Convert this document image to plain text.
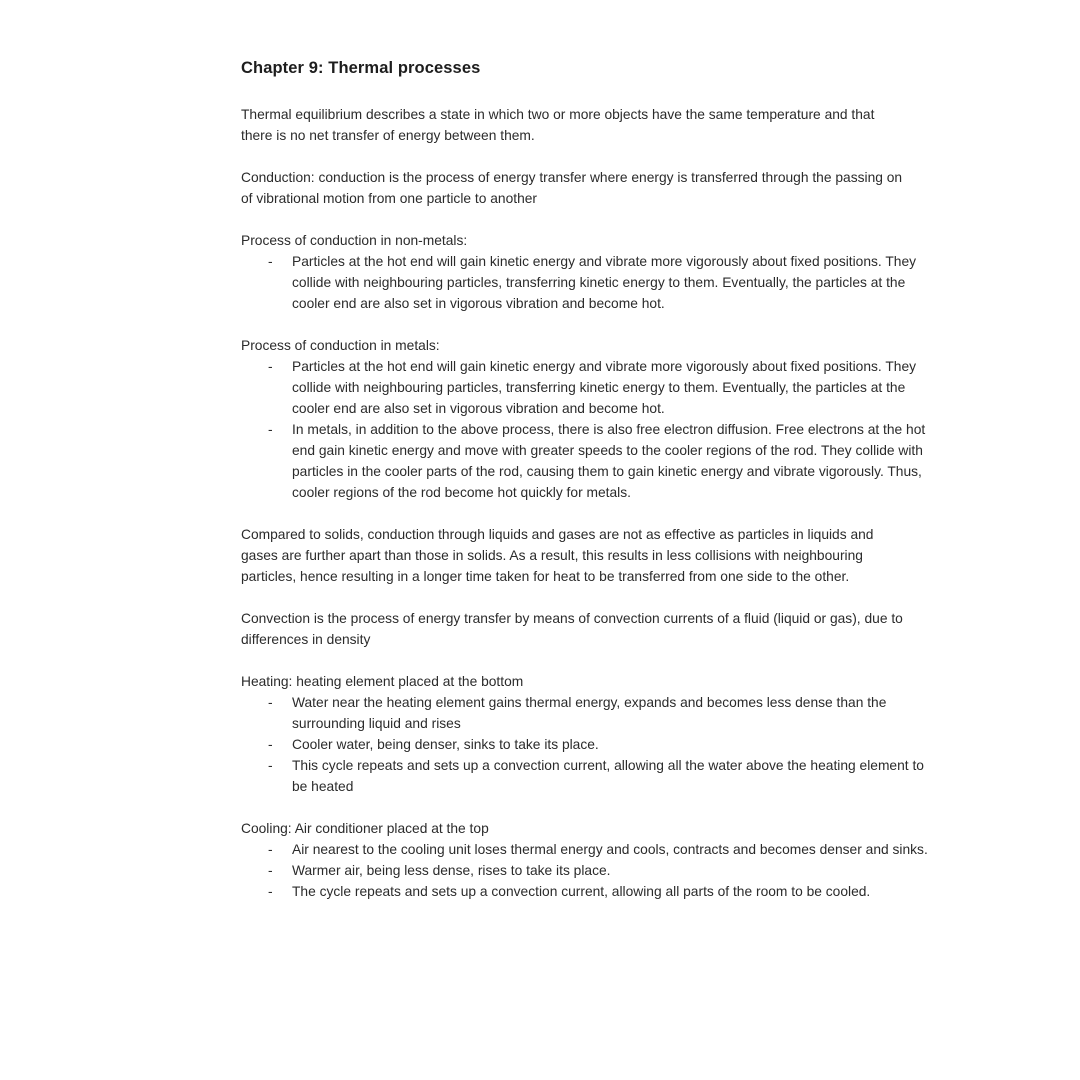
Chapter 9: Thermal processes

Thermal equilibrium describes a state in which two or more objects have the same temperature and that there is no net transfer of energy between them.

Conduction: conduction is the process of energy transfer where energy is transferred through the passing on of vibrational motion from one particle to another

Process of conduction in non-metals:

- Particles at the hot end will gain kinetic energy and vibrate more vigorously about fixed positions. They collide with neighbouring particles, transferring kinetic energy to them. Eventually, the particles at the cooler end are also set in vigorous vibration and become hot.

Process of conduction in metals:

- Particles at the hot end will gain kinetic energy and vibrate more vigorously about fixed positions. They collide with neighbouring particles, transferring kinetic energy to them. Eventually, the particles at the cooler end are also set in vigorous vibration and become hot.
- In metals, in addition to the above process, there is also free electron diffusion. Free electrons at the hot end gain kinetic energy and move with greater speeds to the cooler regions of the rod. They collide with particles in the cooler parts of the rod, causing them to gain kinetic energy and vibrate vigorously. Thus, cooler regions of the rod become hot quickly for metals.

Compared to solids, conduction through liquids and gases are not as effective as particles in liquids and gases are further apart than those in solids. As a result, this results in less collisions with neighbouring particles, hence resulting in a longer time taken for heat to be transferred from one side to the other.

Convection is the process of energy transfer by means of convection currents of a fluid (liquid or gas), due to differences in density

Heating: heating element placed at the bottom

- Water near the heating element gains thermal energy, expands and becomes less dense than the surrounding liquid and rises
- Cooler water, being denser, sinks to take its place.
- This cycle repeats and sets up a convection current, allowing all the water above the heating element to be heated

Cooling: Air conditioner placed at the top

- Air nearest to the cooling unit loses thermal energy and cools, contracts and becomes denser and sinks.
- Warmer air, being less dense, rises to take its place.
- The cycle repeats and sets up a convection current, allowing all parts of the room to be cooled.
